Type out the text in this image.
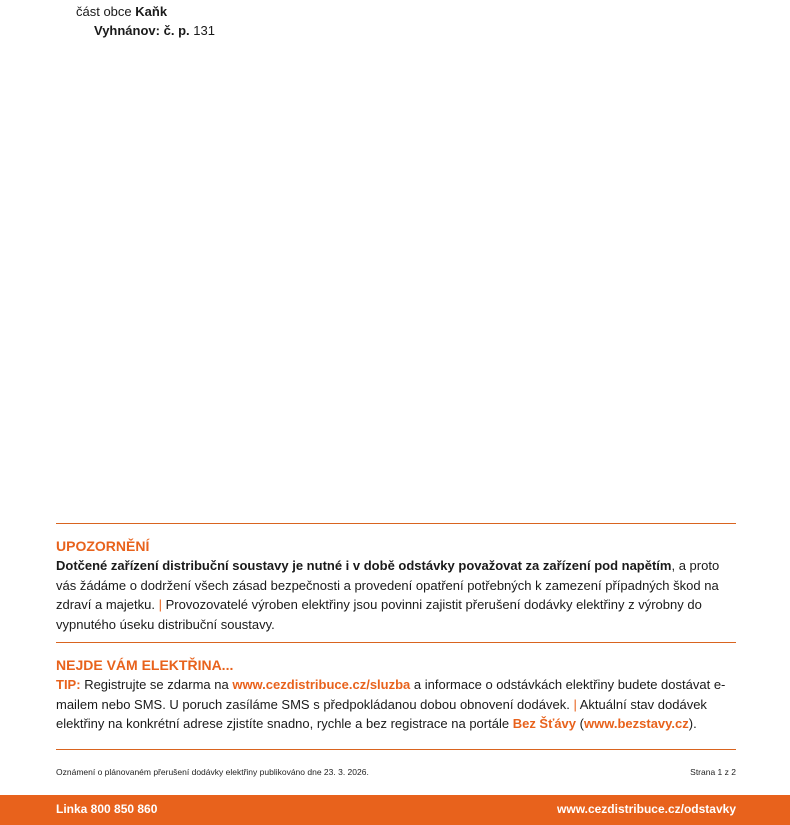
část obce Kaňk
Vyhnánov: č. p. 131
UPOZORNĚNÍ
Dotčené zařízení distribuční soustavy je nutné i v době odstávky považovat za zařízení pod napětím, a proto vás žádáme o dodržení všech zásad bezpečnosti a provedení opatření potřebných k zamezení případných škod na zdraví a majetku. | Provozovatelé výroben elektřiny jsou povinni zajistit přerušení dodávky elektřiny z výrobny do vypnutého úseku distribuční soustavy.
NEJDE VÁM ELEKTŘINA...
TIP: Registrujte se zdarma na www.cezdistribuce.cz/sluzba a informace o odstávkách elektřiny budete dostávat e-mailem nebo SMS. U poruch zasíláme SMS s předpokládanou dobou obnovení dodávek. | Aktuální stav dodávek elektřiny na konkrétní adrese zjistíte snadno, rychle a bez registrace na portále Bez Šťávy (www.bezstavy.cz).
Oznámení o plánovaném přerušení dodávky elektřiny publikováno dne 23. 3. 2026.	Strana 1 z 2
Linka 800 850 860	www.cezdistribuce.cz/odstavky
